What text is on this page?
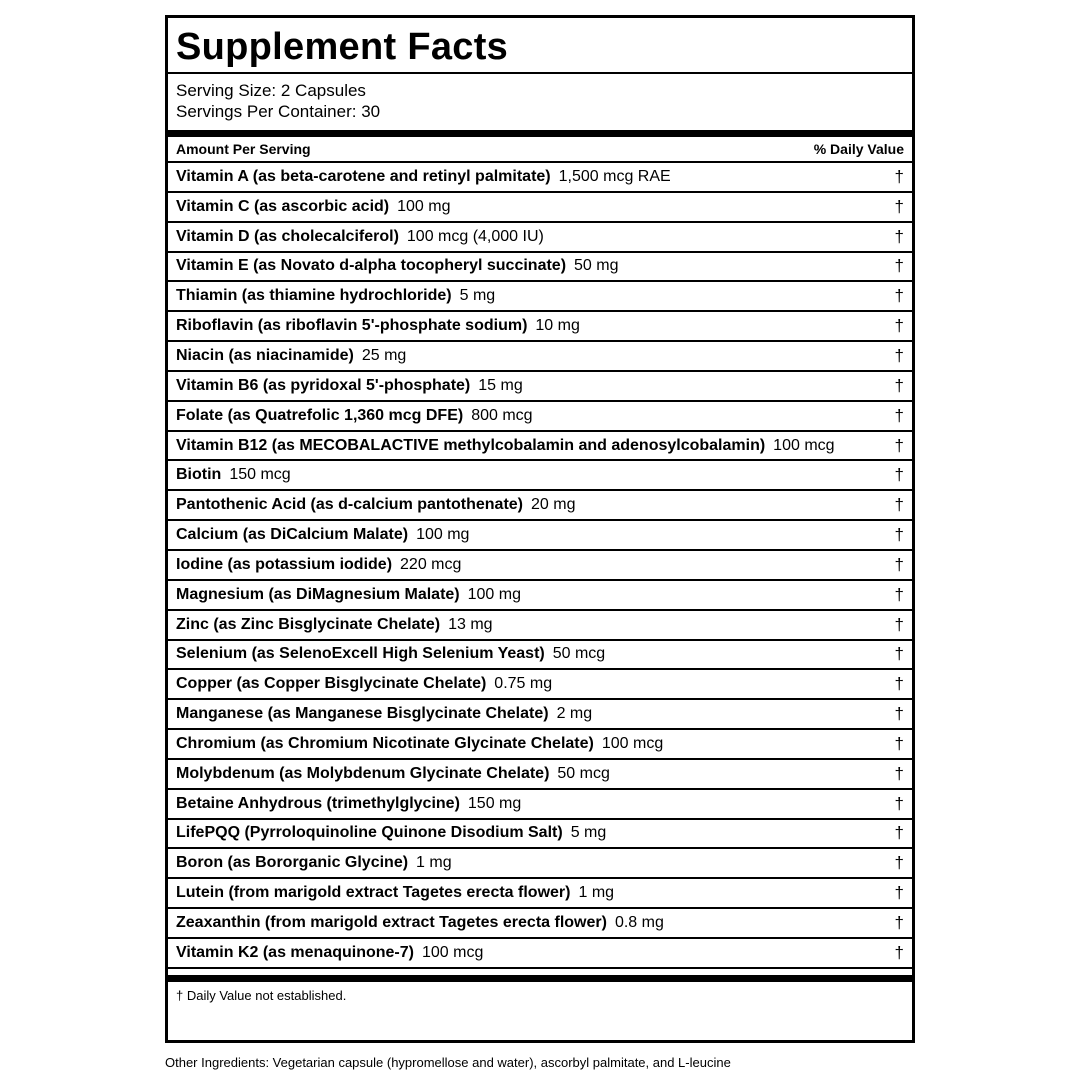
Supplement Facts
Serving Size: 2 Capsules
Servings Per Container: 30
Amount Per Serving	% Daily Value
Vitamin A (as beta-carotene and retinyl palmitate) 1,500 mcg RAE	†
Vitamin C (as ascorbic acid) 100 mg	†
Vitamin D (as cholecalciferol) 100 mcg (4,000 IU)	†
Vitamin E (as Novato d-alpha tocopheryl succinate) 50 mg	†
Thiamin (as thiamine hydrochloride) 5 mg	†
Riboflavin (as riboflavin 5'-phosphate sodium) 10 mg	†
Niacin (as niacinamide) 25 mg	†
Vitamin B6 (as pyridoxal 5'-phosphate) 15 mg	†
Folate (as Quatrefolic 1,360 mcg DFE) 800 mcg	†
Vitamin B12 (as MECOBALACTIVE methylcobalamin and adenosylcobalamin) 100 mcg	†
Biotin 150 mcg	†
Pantothenic Acid (as d-calcium pantothenate) 20 mg	†
Calcium (as DiCalcium Malate) 100 mg	†
Iodine (as potassium iodide) 220 mcg	†
Magnesium (as DiMagnesium Malate) 100 mg	†
Zinc (as Zinc Bisglycinate Chelate) 13 mg	†
Selenium (as SelenoExcell High Selenium Yeast) 50 mcg	†
Copper (as Copper Bisglycinate Chelate) 0.75 mg	†
Manganese (as Manganese Bisglycinate Chelate) 2 mg	†
Chromium (as Chromium Nicotinate Glycinate Chelate) 100 mcg	†
Molybdenum (as Molybdenum Glycinate Chelate) 50 mcg	†
Betaine Anhydrous (trimethylglycine) 150 mg	†
LifePQQ (Pyrroloquinoline Quinone Disodium Salt) 5 mg	†
Boron (as Bororganic Glycine) 1 mg	†
Lutein (from marigold extract Tagetes erecta flower) 1 mg	†
Zeaxanthin (from marigold extract Tagetes erecta flower) 0.8 mg	†
Vitamin K2 (as menaquinone-7) 100 mcg	†
† Daily Value not established.
Other Ingredients: Vegetarian capsule (hypromellose and water), ascorbyl palmitate, and L-leucine
